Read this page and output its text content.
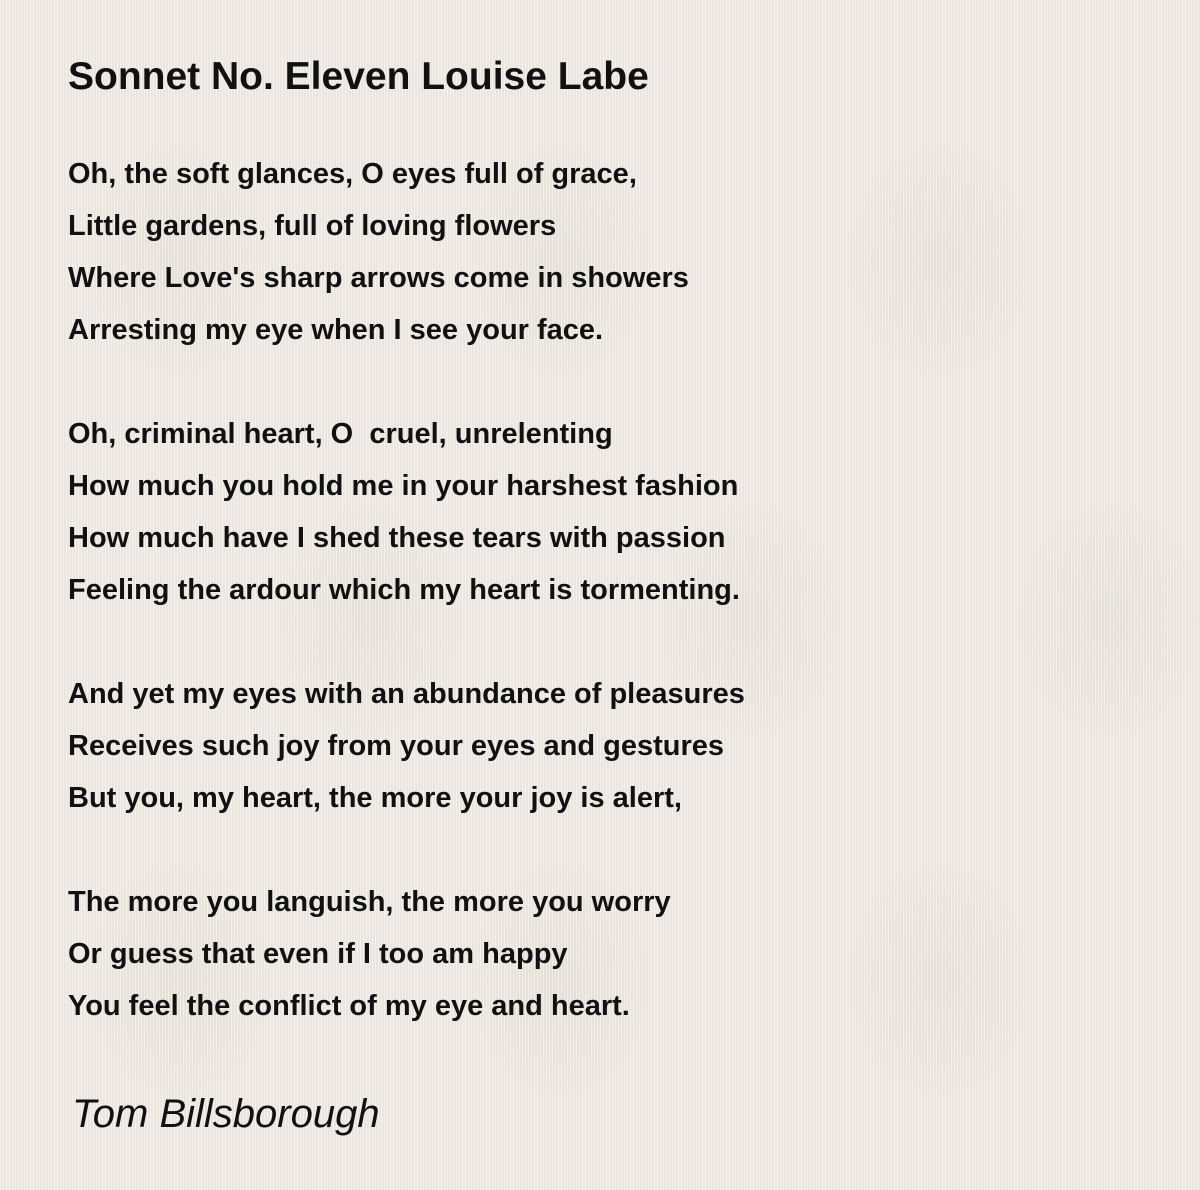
Sonnet No. Eleven Louise Labe
Oh, the soft glances, O eyes full of grace,
Little gardens, full of loving flowers
Where Love's sharp arrows come in showers
Arresting my eye when I see your face.
Oh, criminal heart, O  cruel, unrelenting
How much you hold me in your harshest fashion
How much have I shed these tears with passion
Feeling the ardour which my heart is tormenting.
And yet my eyes with an abundance of pleasures
Receives such joy from your eyes and gestures
But you, my heart, the more your joy is alert,
The more you languish, the more you worry
Or guess that even if I too am happy
You feel the conflict of my eye and heart.
Tom Billsborough
